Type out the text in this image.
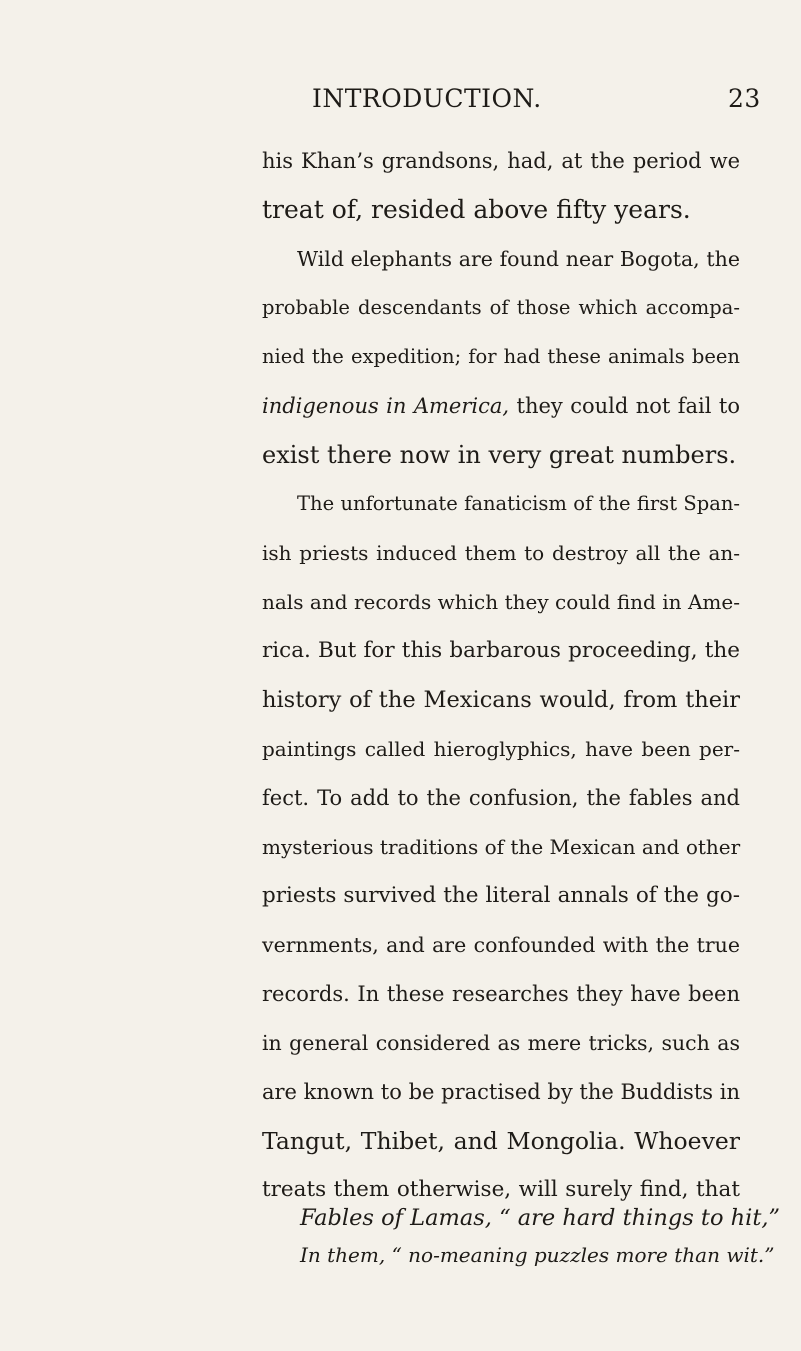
INTRODUCTION.	23
his Khan’s grandsons, had, at the period we
treat of, resided above fifty years.
Wild elephants are found near Bogota, the
probable descendants of those which accompa-
nied the expedition; for had these animals been
indigenous in America, they could not fail to
exist there now in very great numbers.
The unfortunate fanaticism of the first Span-
ish priests induced them to destroy all the an-
nals and records which they could find in Ame-
rica. But for this barbarous proceeding, the
history of the Mexicans would, from their
paintings called hieroglyphics, have been per-
fect. To add to the confusion, the fables and
mysterious traditions of the Mexican and other
priests survived the literal annals of the go-
vernments, and are confounded with the true
records. In these researches they have been
in general considered as mere tricks, such as
are known to be practised by the Buddists in
Tangut, Thibet, and Mongolia. Whoever
treats them otherwise, will surely find, that
Fables of Lamas, “ are hard things to hit,”
In them, “ no-meaning puzzles more than wit.”
